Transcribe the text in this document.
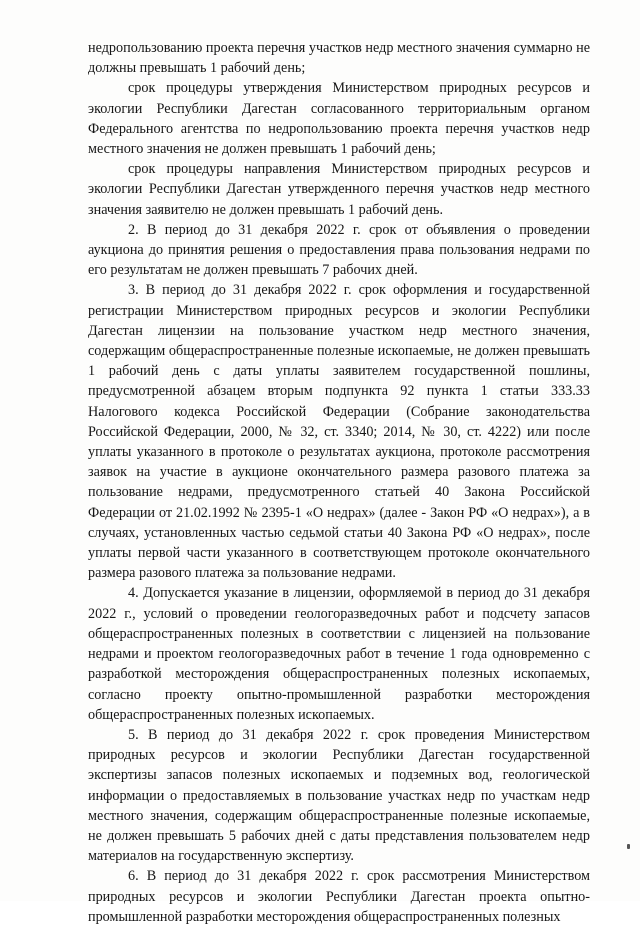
недропользованию проекта перечня участков недр местного значения суммарно не должны превышать 1 рабочий день;

срок процедуры утверждения Министерством природных ресурсов и экологии Республики Дагестан согласованного территориальным органом Федерального агентства по недропользованию проекта перечня участков недр местного значения не должен превышать 1 рабочий день;

срок процедуры направления Министерством природных ресурсов и экологии Республики Дагестан утвержденного перечня участков недр местного значения заявителю не должен превышать 1 рабочий день.

2. В период до 31 декабря 2022 г. срок от объявления о проведении аукциона до принятия решения о предоставления права пользования недрами по его результатам не должен превышать 7 рабочих дней.

3. В период до 31 декабря 2022 г. срок оформления и государственной регистрации Министерством природных ресурсов и экологии Республики Дагестан лицензии на пользование участком недр местного значения, содержащим общераспространенные полезные ископаемые, не должен превышать 1 рабочий день с даты уплаты заявителем государственной пошлины, предусмотренной абзацем вторым подпункта 92 пункта 1 статьи 333.33 Налогового кодекса Российской Федерации (Собрание законодательства Российской Федерации, 2000, № 32, ст. 3340; 2014, № 30, ст. 4222) или после уплаты указанного в протоколе о результатах аукциона, протоколе рассмотрения заявок на участие в аукционе окончательного размера разового платежа за пользование недрами, предусмотренного статьей 40 Закона Российской Федерации от 21.02.1992 № 2395-1 «О недрах» (далее - Закон РФ «О недрах»), а в случаях, установленных частью седьмой статьи 40 Закона РФ «О недрах», после уплаты первой части указанного в соответствующем протоколе окончательного размера разового платежа за пользование недрами.

4. Допускается указание в лицензии, оформляемой в период до 31 декабря 2022 г., условий о проведении геологоразведочных работ и подсчету запасов общераспространенных полезных в соответствии с лицензией на пользование недрами и проектом геологоразведочных работ в течение 1 года одновременно с разработкой месторождения общераспространенных полезных ископаемых, согласно проекту опытно-промышленной разработки месторождения общераспространенных полезных ископаемых.

5. В период до 31 декабря 2022 г. срок проведения Министерством природных ресурсов и экологии Республики Дагестан государственной экспертизы запасов полезных ископаемых и подземных вод, геологической информации о предоставляемых в пользование участках недр по участкам недр местного значения, содержащим общераспространенные полезные ископаемые, не должен превышать 5 рабочих дней с даты представления пользователем недр материалов на государственную экспертизу.

6. В период до 31 декабря 2022 г. срок рассмотрения Министерством природных ресурсов и экологии Республики Дагестан проекта опытно-промышленной разработки месторождения общераспространенных полезных
